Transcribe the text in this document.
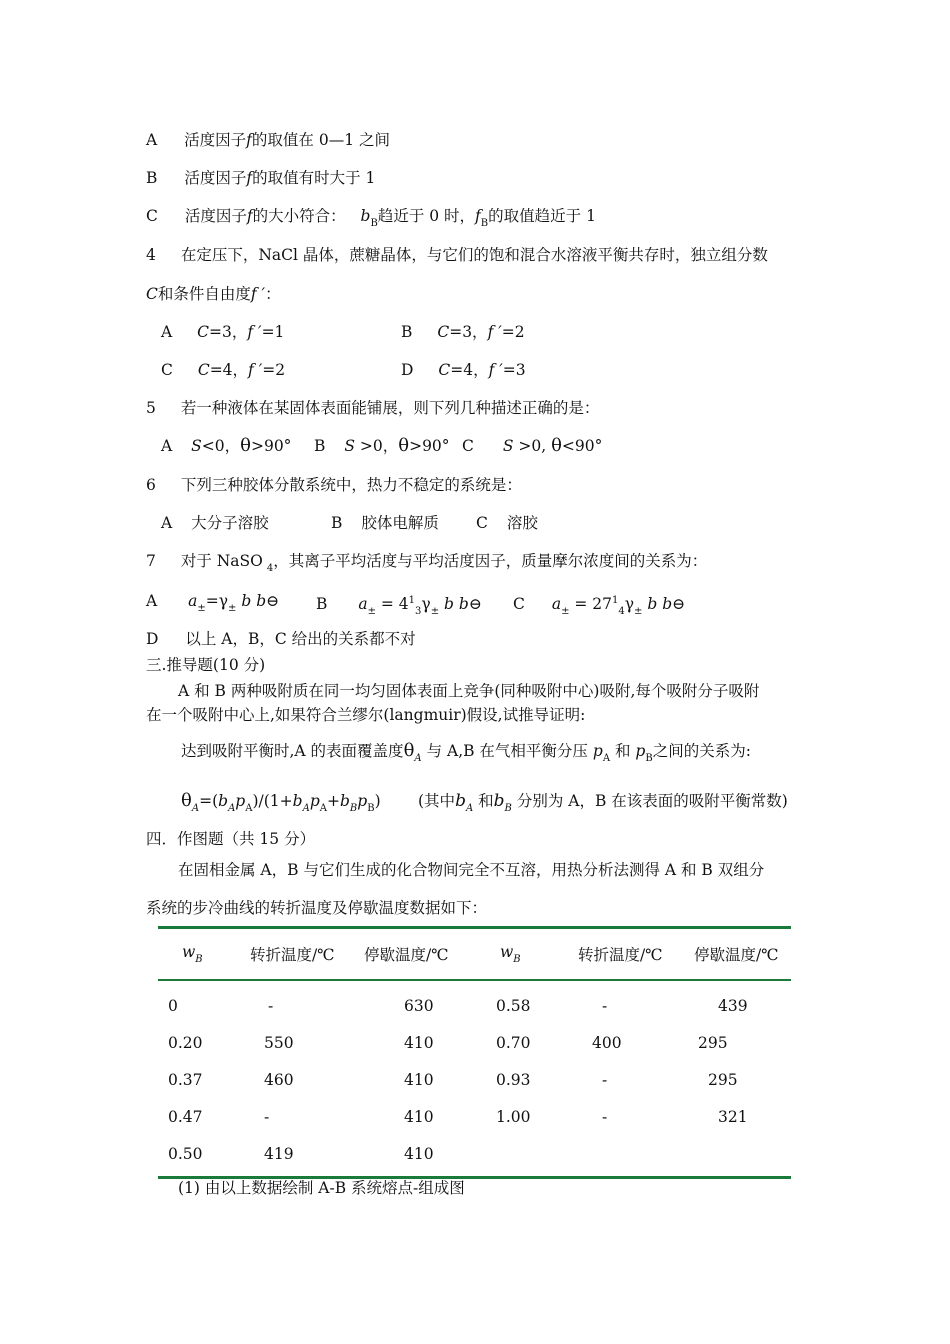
A 活度因子f的取值在 0—1 之间
B 活度因子f的取值有时大于 1
C 活度因子f的大小符合： $b_B$趋近于 0 时，$f_B$的取值趋近于 1
4 在定压下，NaCl 晶体，蔗糖晶体，与它们的饱和混合水溶液平衡共存时，独立组分数
C和条件自由度f ′：
A C=3，f ′=1	B C=3，f ′=2
C C=4，f ′=2	D C=4，f ′=3
5 若一种液体在某固体表面能铺展，则下列几种描述正确的是：
A S<0，θ>90° B S >0，θ>90° C S >0, θ<90°
6 下列三种胶体分散系统中，热力不稳定的系统是：
A 大分子溶胶	B 胶体电解质 C 溶胶
7 对于 NaSO $_4$，其离子平均活度与平均活度因子，质量摩尔浓度间的关系为：
A $a_\pm=\gamma_\pm$ b b⊖ B $a_\pm = 4^1_3\gamma_\pm$ b b⊖ C $a_\pm = 27^1_4\gamma_\pm$ b b⊖
D 以上 A，B，C 给出的关系都不对
三.推导题(10 分)
A 和 B 两种吸附质在同一均匀固体表面上竞争(同种吸附中心)吸附,每个吸附分子吸附
在一个吸附中心上,如果符合兰缪尔(langmuir)假设,试推导证明:
达到吸附平衡时,A 的表面覆盖度$\theta_A$ 与 A,B 在气相平衡分压 $p_A$ 和 $p_B$之间的关系为:
$\theta_A=(b_Ap_A)/(1+b_Ap_A+b_Bp_B)$ (其中$b_A$ 和$b_B$ 分别为 A，B 在该表面的吸附平衡常数)
四．作图题（共 15 分）
在固相金属 A，B 与它们生成的化合物间完全不互溶，用热分析法测得 A 和 B 双组分
系统的步冷曲线的转折温度及停歇温度数据如下：
$w_B$	转折温度/℃	停歇温度/℃	$w_B$	转折温度/℃	停歇温度/℃
0	-	630	0.58	-	439
0.20	550	410	0.70	400	295
0.37	460	410	0.93	-	295
0.47	-	410	1.00	-	321
0.50	419	410			
(1) 由以上数据绘制 A-B 系统熔点-组成图
